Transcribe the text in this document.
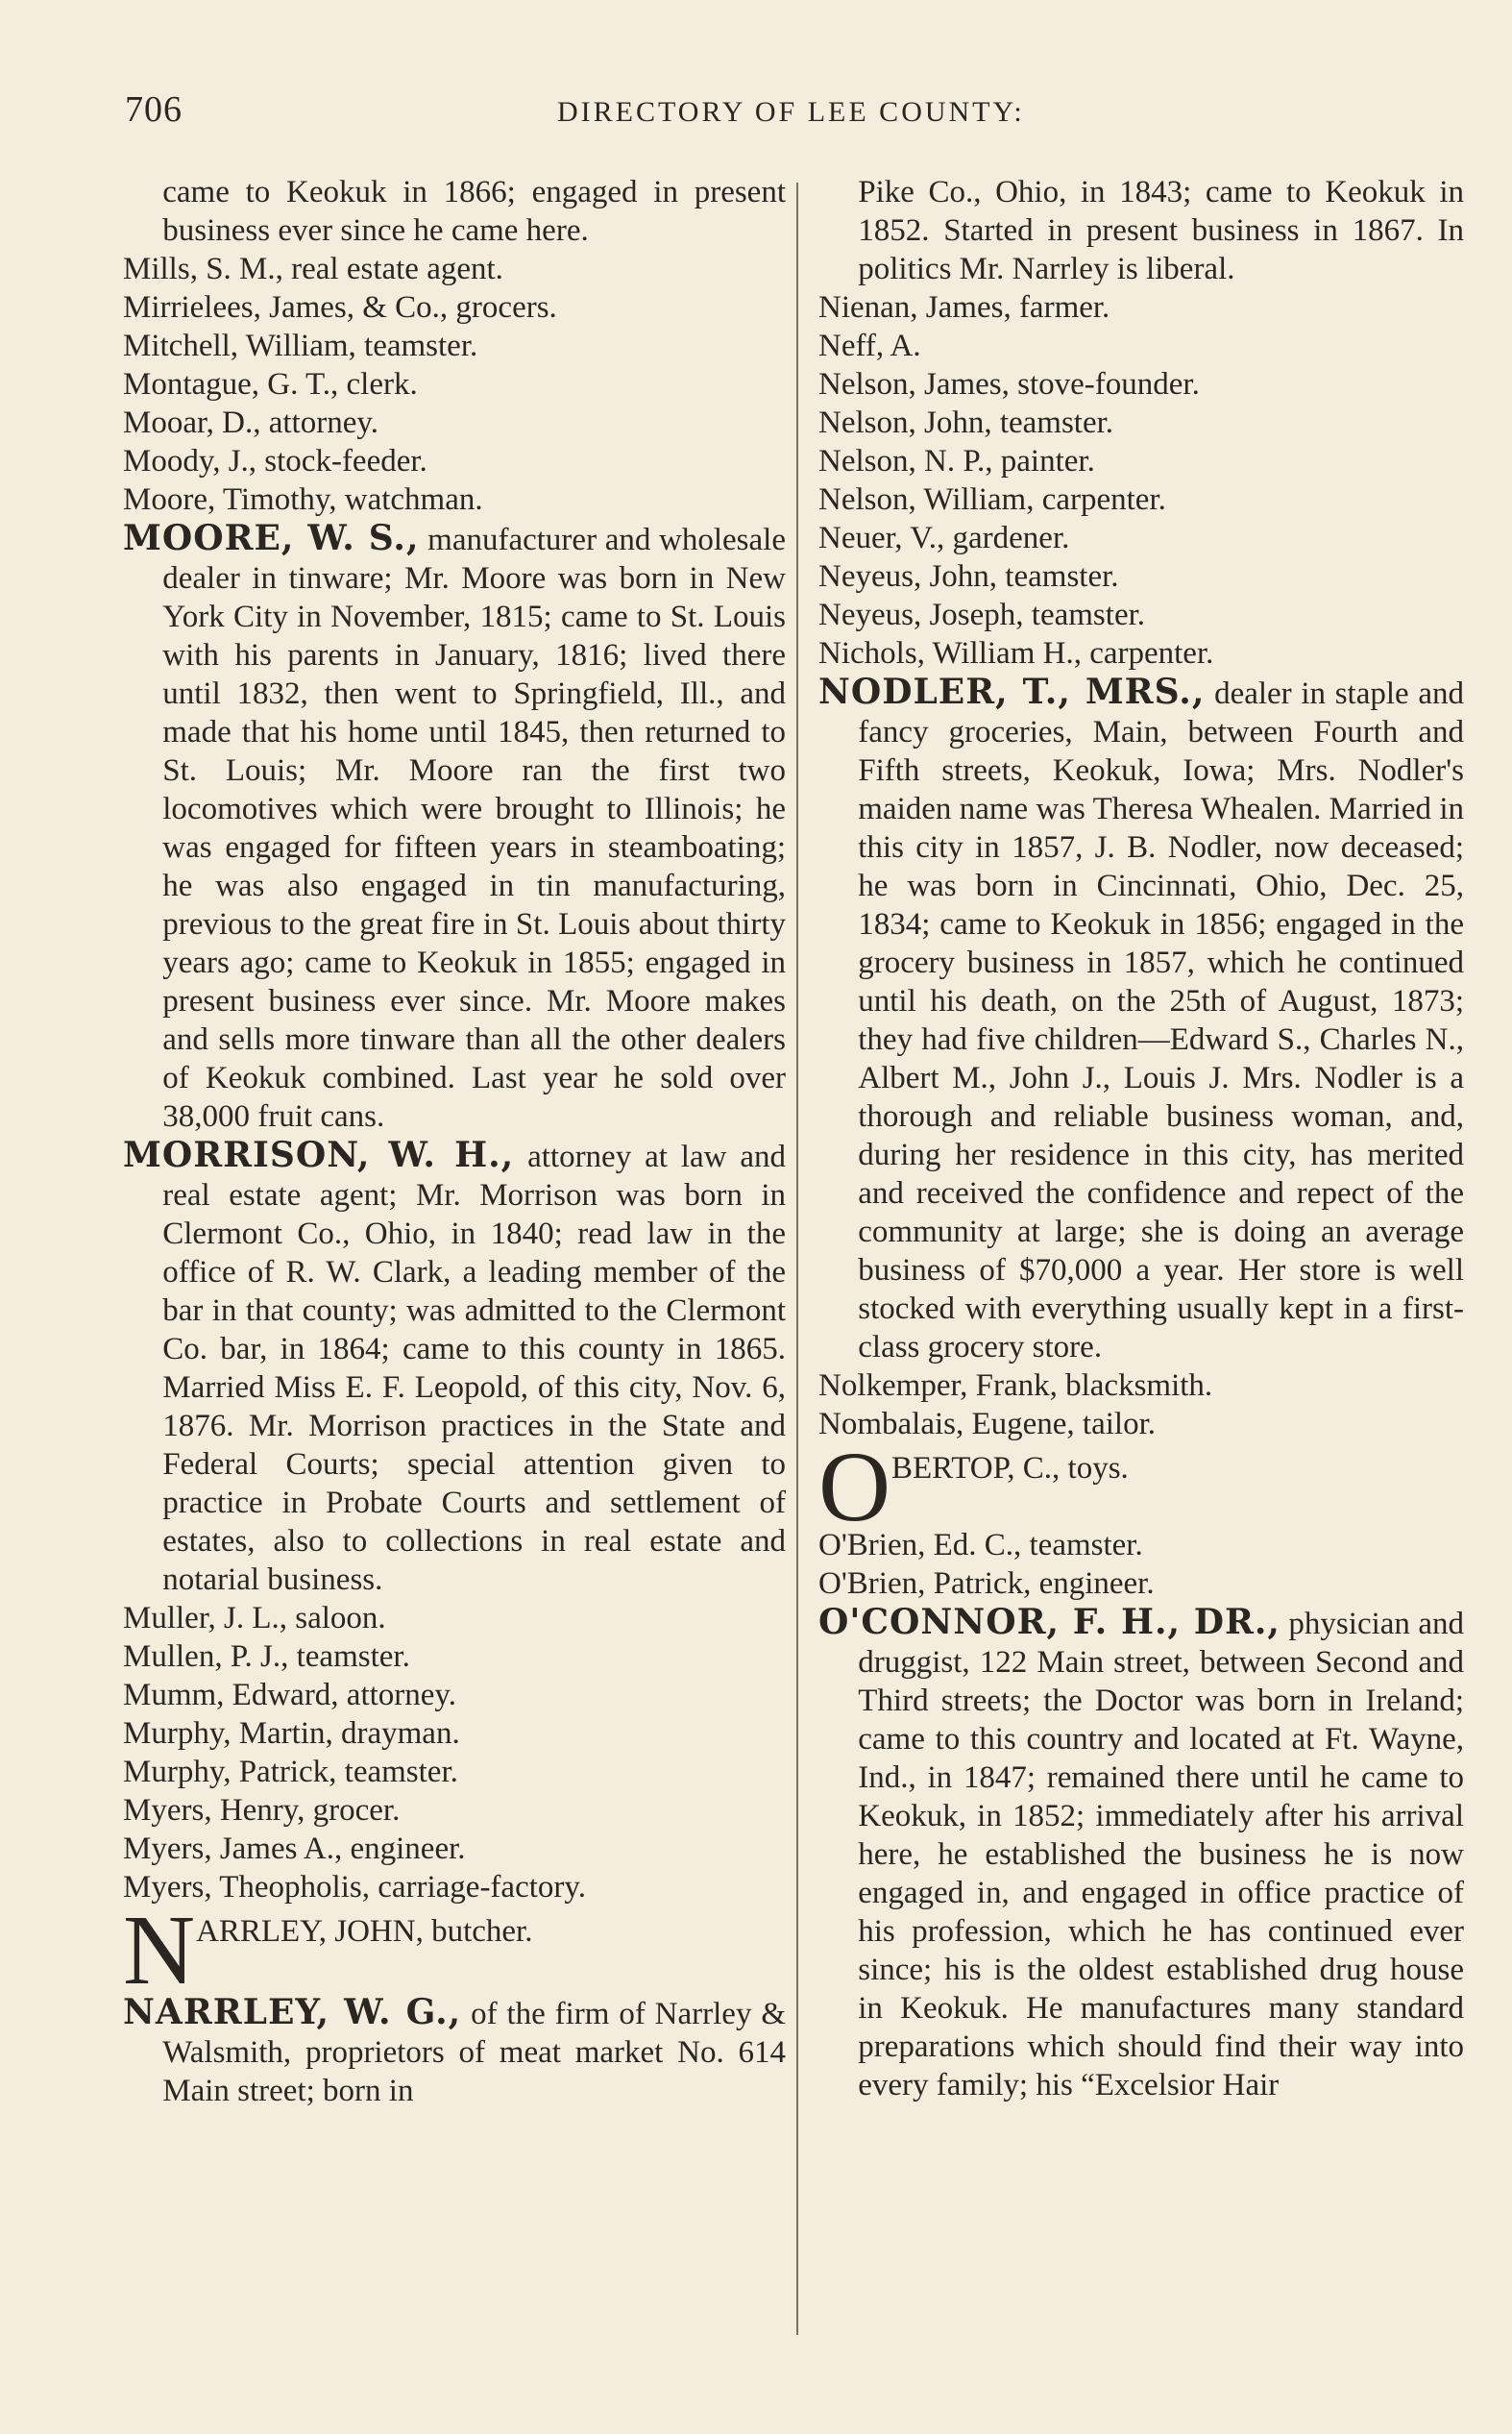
706	DIRECTORY OF LEE COUNTY:

came to Keokuk in 1866; engaged in present business ever since he came here.

Mills, S. M., real estate agent.

Mirrielees, James, & Co., grocers.

Mitchell, William, teamster.

Montague, G. T., clerk.

Mooar, D., attorney.

Moody, J., stock-feeder.

Moore, Timothy, watchman.

MOORE, W. S., manufacturer and wholesale dealer in tinware; Mr. Moore was born in New York City in November, 1815; came to St. Louis with his parents in January, 1816; lived there until 1832, then went to Springfield, Ill., and made that his home until 1845, then returned to St. Louis; Mr. Moore ran the first two locomotives which were brought to Illinois; he was engaged for fifteen years in steamboating; he was also engaged in tin manufacturing, previous to the great fire in St. Louis about thirty years ago; came to Keokuk in 1855; engaged in present business ever since. Mr. Moore makes and sells more tinware than all the other dealers of Keokuk combined. Last year he sold over 38,000 fruit cans.

MORRISON, W. H., attorney at law and real estate agent; Mr. Morrison was born in Clermont Co., Ohio, in 1840; read law in the office of R. W. Clark, a leading member of the bar in that county; was admitted to the Clermont Co. bar, in 1864; came to this county in 1865. Married Miss E. F. Leopold, of this city, Nov. 6, 1876. Mr. Morrison practices in the State and Federal Courts; special attention given to practice in Probate Courts and settlement of estates, also to collections in real estate and notarial business.

Muller, J. L., saloon.

Mullen, P. J., teamster.

Mumm, Edward, attorney.

Murphy, Martin, drayman.

Murphy, Patrick, teamster.

Myers, Henry, grocer.

Myers, James A., engineer.

Myers, Theopholis, carriage-factory.

N ARRLEY, JOHN, butcher.

NARRLEY, W. G., of the firm of Narrley & Walsmith, proprietors of meat market No. 614 Main street; born in

Pike Co., Ohio, in 1843; came to Keokuk in 1852. Started in present business in 1867. In politics Mr. Narrley is liberal.

Nienan, James, farmer.

Neff, A.

Nelson, James, stove-founder.

Nelson, John, teamster.

Nelson, N. P., painter.

Nelson, William, carpenter.

Neuer, V., gardener.

Neyeus, John, teamster.

Neyeus, Joseph, teamster.

Nichols, William H., carpenter.

NODLER, T., MRS., dealer in staple and fancy groceries, Main, between Fourth and Fifth streets, Keokuk, Iowa; Mrs. Nodler's maiden name was Theresa Whealen. Married in this city in 1857, J. B. Nodler, now deceased; he was born in Cincinnati, Ohio, Dec. 25, 1834; came to Keokuk in 1856; engaged in the grocery business in 1857, which he continued until his death, on the 25th of August, 1873; they had five children—Edward S., Charles N., Albert M., John J., Louis J. Mrs. Nodler is a thorough and reliable business woman, and, during her residence in this city, has merited and received the confidence and repect of the community at large; she is doing an average business of $70,000 a year. Her store is well stocked with everything usually kept in a first-class grocery store.

Nolkemper, Frank, blacksmith.

Nombalais, Eugene, tailor.

O BERTOP, C., toys.

O'Brien, Ed. C., teamster.

O'Brien, Patrick, engineer.

O'CONNOR, F. H., DR., physician and druggist, 122 Main street, between Second and Third streets; the Doctor was born in Ireland; came to this country and located at Ft. Wayne, Ind., in 1847; remained there until he came to Keokuk, in 1852; immediately after his arrival here, he established the business he is now engaged in, and engaged in office practice of his profession, which he has continued ever since; his is the oldest established drug house in Keokuk. He manufactures many standard preparations which should find their way into every family; his “Excelsior Hair
